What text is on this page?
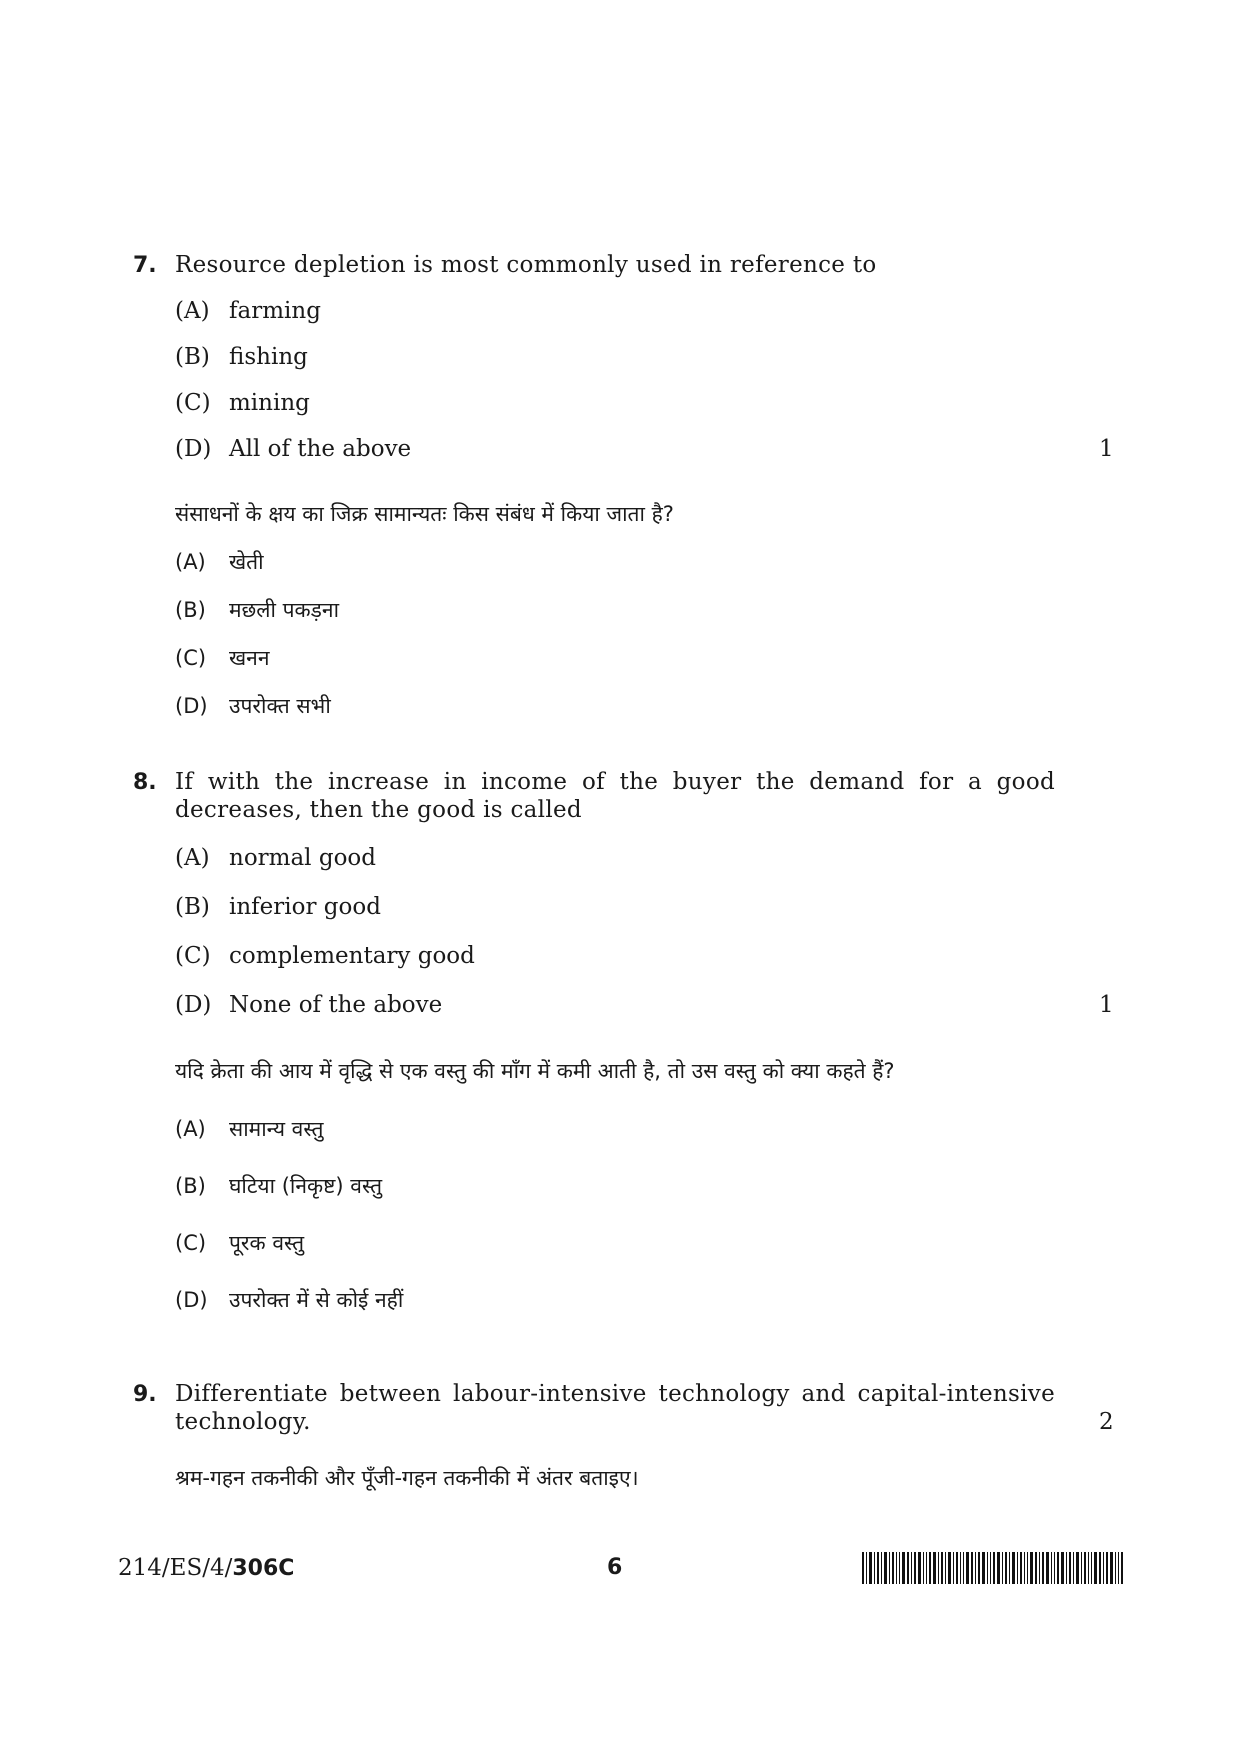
7. Resource depletion is most commonly used in reference to
(A) farming
(B) fishing
(C) mining
(D) All of the above	1
संसाधनों के क्षय का जिक्र सामान्यतः किस संबंध में किया जाता है?
(A) खेती
(B) मछली पकड़ना
(C) खनन
(D) उपरोक्त सभी
8. If with the increase in income of the buyer the demand for a good
decreases, then the good is called
(A) normal good
(B) inferior good
(C) complementary good
(D) None of the above	1
यदि क्रेता की आय में वृद्धि से एक वस्तु की माँग में कमी आती है, तो उस वस्तु को क्या कहते हैं?
(A) सामान्य वस्तु
(B) घटिया (निकृष्ट) वस्तु
(C) पूरक वस्तु
(D) उपरोक्त में से कोई नहीं
9. Differentiate between labour-intensive technology and capital-intensive
technology.	2
श्रम-गहन तकनीकी और पूँजी-गहन तकनीकी में अंतर बताइए।
214/ES/4/306C	6
